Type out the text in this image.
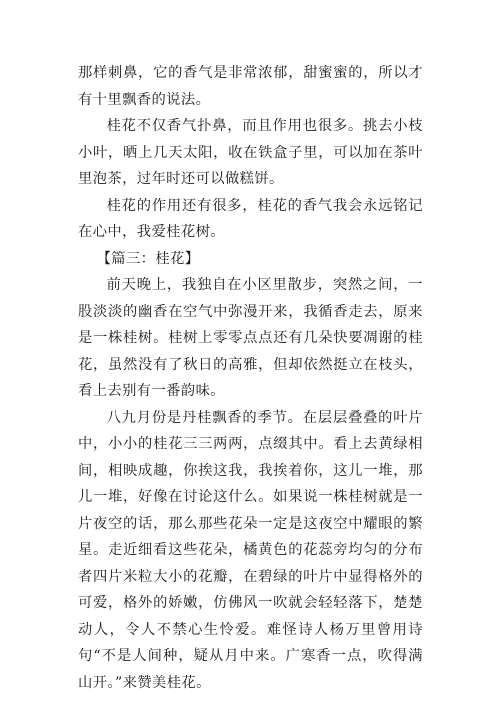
那样刺鼻，它的香气是非常浓郁，甜蜜蜜的，所以才有十里飘香的说法。

桂花不仅香气扑鼻，而且作用也很多。挑去小枝小叶，晒上几天太阳，收在铁盒子里，可以加在茶叶里泡茶，过年时还可以做糕饼。

桂花的作用还有很多，桂花的香气我会永远铭记在心中，我爱桂花树。

【篇三：桂花】

前天晚上，我独自在小区里散步，突然之间，一股淡淡的幽香在空气中弥漫开来，我循香走去，原来是一株桂树。桂树上零零点点还有几朵快要凋谢的桂花，虽然没有了秋日的高雅，但却依然挺立在枝头，看上去别有一番韵味。

八九月份是丹桂飘香的季节。在层层叠叠的叶片中，小小的桂花三三两两，点缀其中。看上去黄绿相间，相映成趣，你挨这我，我挨着你，这儿一堆，那儿一堆，好像在讨论这什么。如果说一株桂树就是一片夜空的话，那么那些花朵一定是这夜空中耀眼的繁星。走近细看这些花朵，橘黄色的花蕊旁均匀的分布者四片米粒大小的花瓣，在碧绿的叶片中显得格外的可爱，格外的娇嫩，仿佛风一吹就会轻轻落下，楚楚动人，令人不禁心生怜爱。难怪诗人杨万里曾用诗句“不是人间种，疑从月中来。广寒香一点，吹得满山开。”来赞美桂花。
